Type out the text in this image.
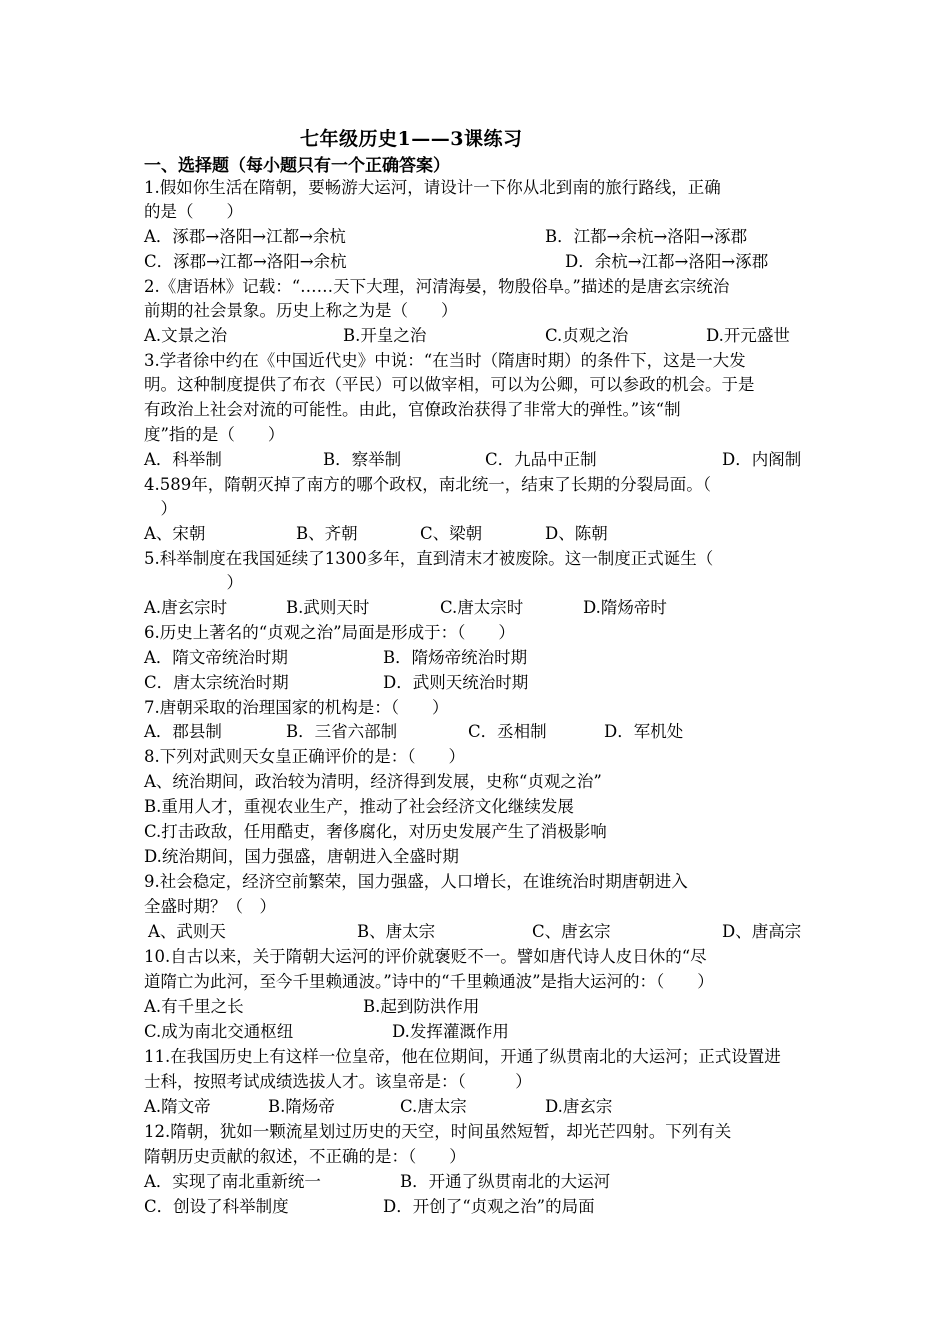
七年级历史1——3课练习
一、选择题（每小题只有一个正确答案）
1.假如你生活在隋朝，要畅游大运河，请设计一下你从北到南的旅行路线，正确
的是（　　）
A．涿郡→洛阳→江都→余杭	B．江都→余杭→洛阳→涿郡
C．涿郡→江都→洛阳→余杭	D．余杭→江都→洛阳→涿郡
2.《唐语林》记载：“……天下大理，河清海晏，物殷俗阜。”描述的是唐玄宗统治
前期的社会景象。历史上称之为是（　　）
A.文景之治	B.开皇之治	C.贞观之治	D.开元盛世
3.学者徐中约在《中国近代史》中说：“在当时（隋唐时期）的条件下，这是一大发
明。这种制度提供了布衣（平民）可以做宰相，可以为公卿，可以参政的机会。于是
有政治上社会对流的可能性。由此，官僚政治获得了非常大的弹性。”该“制
度”指的是（　　）
A．科举制	B．察举制	C．九品中正制	D．内阁制
4.589年，隋朝灭掉了南方的哪个政权，南北统一，结束了长期的分裂局面。（
　）
A、宋朝	B、齐朝	C、梁朝	D、陈朝
5.科举制度在我国延续了1300多年，直到清末才被废除。这一制度正式诞生（
　　　　　）
A.唐玄宗时	B.武则天时	C.唐太宗时	D.隋炀帝时
6.历史上著名的“贞观之治”局面是形成于：（　　）
A．隋文帝统治时期	B．隋炀帝统治时期
C．唐太宗统治时期	D．武则天统治时期
7.唐朝采取的治理国家的机构是：（　　）
A．郡县制	B．三省六部制	C．丞相制	D．军机处
8.下列对武则天女皇正确评价的是：（　　）
A、统治期间，政治较为清明，经济得到发展，史称“贞观之治”
B.重用人才，重视农业生产，推动了社会经济文化继续发展
C.打击政敌，任用酷吏，奢侈腐化，对历史发展产生了消极影响
D.统治期间，国力强盛，唐朝进入全盛时期
9.社会稳定，经济空前繁荣，国力强盛，人口增长，在谁统治时期唐朝进入
全盛时期？（　）
A、武则天	B、唐太宗	C、唐玄宗	D、唐高宗
10.自古以来，关于隋朝大运河的评价就褒贬不一。譬如唐代诗人皮日休的“尽
道隋亡为此河，至今千里赖通波。”诗中的“千里赖通波”是指大运河的：（　　）
A.有千里之长	B.起到防洪作用
C.成为南北交通枢纽	D.发挥灌溉作用
11.在我国历史上有这样一位皇帝，他在位期间，开通了纵贯南北的大运河；正式设置进
士科，按照考试成绩选拔人才。该皇帝是：（　　　）
A.隋文帝	B.隋炀帝	C.唐太宗	D.唐玄宗
12.隋朝，犹如一颗流星划过历史的天空，时间虽然短暂，却光芒四射。下列有关
隋朝历史贡献的叙述，不正确的是：（　　）
A．实现了南北重新统一	B．开通了纵贯南北的大运河
C．创设了科举制度	D．开创了“贞观之治”的局面
